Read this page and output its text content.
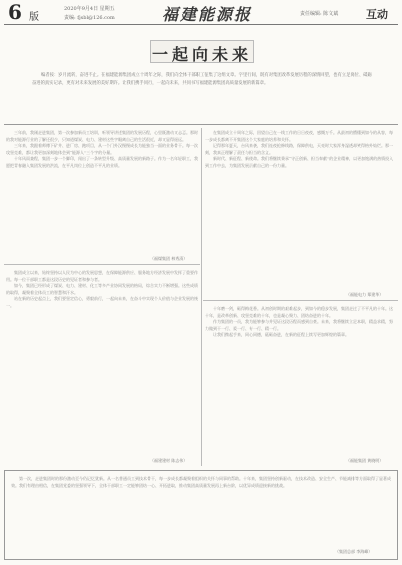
6 版
2020年9月4日 星期五
责编: fjsbl@126.com	福建能源报	责任编辑: 陈文斌	互动
一起向未来
编者按：岁月流转，奋进不止。在福建能源集团成立十周年之际，我们向全体干部职工征集了这组文章。字里行间，既有对集团改革发展历程的深情回望，也有立足岗位、砥砺奋进的真实记录，更有对未来发展的美好期许。让我们携手同行，一起向未来，共同书写福建能源集团高质量发展的新篇章。

三年前，我刚走进集团，第一次参加新员工培训，听领导讲述集团的发展历程，心里既激动又忐忑。那时的我对能源行业的了解还很少，只知道煤炭、电力、建材这些字眼离自己的生活很近，却又显得遥远。

三年来，我跟着师傅下矿井、进厂房、跑项目，从一个门外汉慢慢成长为能独当一面的业务骨干。每一次攻坚克难，都让我更加深刻地体会到“能源人”三个字的分量。

十年风雨兼程，集团一步一个脚印，闯出了一条转型升级、高质量发展的新路子。作为一名年轻职工，我愿把青春融入集团发展的洪流，在平凡岗位上创造不平凡的业绩。

（福煤集团 林秀清）

在集团成立十周年之际，回望自己在一线工作的日日夜夜，感慨万千。从最初的懵懂到如今的从容，每一步成长都离不开集团这个大家庭的培养和关怀。

记得那年夏天，台风来袭，我们连夜抢修线路，保障供电，天亮时大家浑身湿透却笑得格外灿烂。那一刻，我真正理解了责任与担当的含义。

新时代、新征程、新使命。我们将继续秉承“守正创新、担当奉献”的企业精神，以更加饱满的热情投入到工作中去，为集团发展贡献自己的一份力量。

（福能电力 郑建华）

集团成立以来，始终坚持以人民为中心的发展思想，在保障能源供应、服务地方经济发展中发挥了重要作用。每一位干部职工都是这段历史的见证者和参与者。

如今，集团已经形成了煤炭、电力、建材、化工等多产业协同发展的格局，综合实力不断增强。这些成绩的取得，凝聚着全体员工的智慧和汗水。

站在新的历史起点上，我们要坚定信心，勇毅前行，一起向未来，在奋斗中实现个人价值与企业发展的统一。

（福建建材 陈志伟）

十年磨一剑，砺得梅花香。从初创时期的艰难起步，到如今的稳步发展，集团走过了不平凡的十年。这十年，是改革创新、攻坚克难的十年，也是凝心聚力、团结奋进的十年。

作为集团的一员，我为能够参与并见证这段历程而感到自豪。未来，我将继续立足本职，精益求精，努力做到干一行、爱一行、专一行、精一行。

让我们携起手来，同心同德，砥砺奋进，在新的征程上续写更加辉煌的篇章。

（福能集团 黄晓明）

第一次，走进集团时的那份激动至今仍记忆犹新。从一名普通员工到技术骨干，每一步成长都凝聚着组织的关怀与同事的帮助。十年来，集团坚持创新驱动，在技术改造、安全生产、节能减排等方面取得了显著成效。我们有理由相信，在集团党委的坚强领导下，全体干部职工一定能够团结一心、开拓进取，推动集团高质量发展再上新台阶，以优异成绩迎接新的挑战。

（集团总部 李海峰）
